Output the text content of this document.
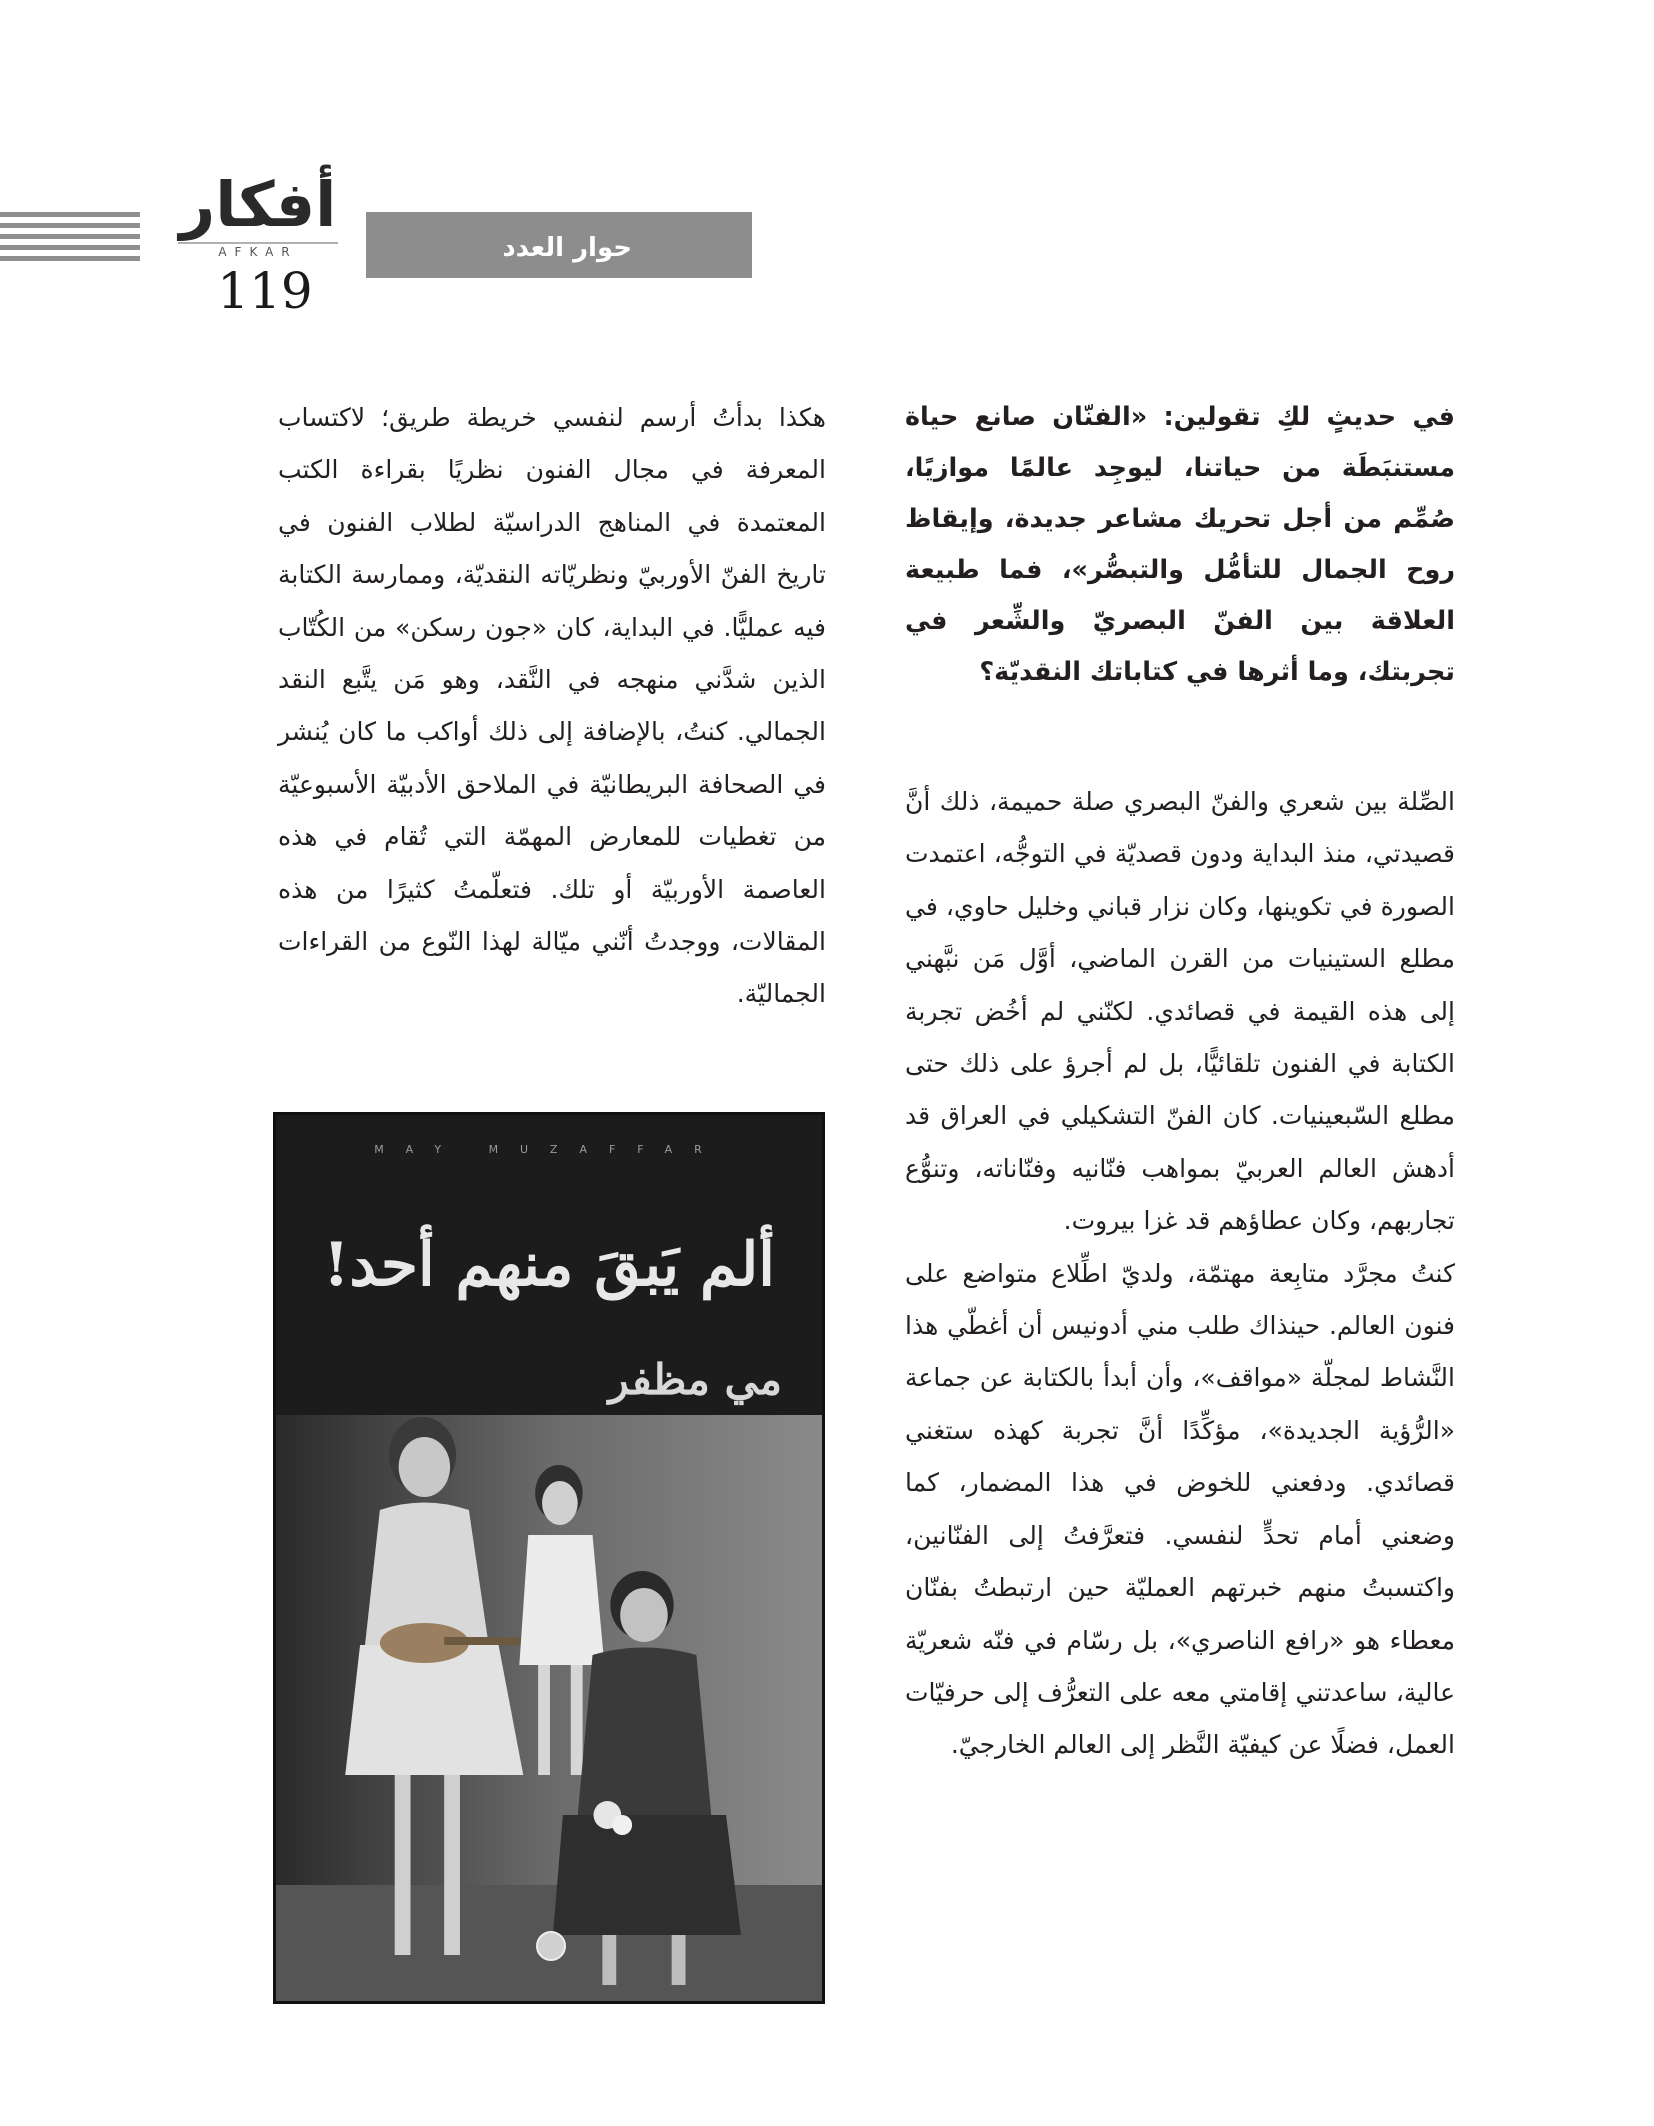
أفكار
AFKAR
119
حوار العدد

في حديثٍ لكِ تقولين: «الفنّان صانع حياة مستنبَطَة من حياتنا، ليوجِد عالمًا موازيًا، صُمِّم من أجل تحريك مشاعر جديدة، وإيقاظ روح الجمال للتأمُّل والتبصُّر»، فما طبيعة العلاقة بين الفنّ البصريّ والشِّعر في تجربتك، وما أثرها في كتاباتك النقديّة؟

الصِّلة بين شعري والفنّ البصري صلة حميمة، ذلك أنَّ قصيدتي، منذ البداية ودون قصديّة في التوجُّه، اعتمدت الصورة في تكوينها، وكان نزار قباني وخليل حاوي، في مطلع الستينيات من القرن الماضي، أوَّل مَن نبَّهني إلى هذه القيمة في قصائدي. لكنّني لم أخُض تجربة الكتابة في الفنون تلقائيًّا، بل لم أجرؤ على ذلك حتى مطلع السّبعينيات. كان الفنّ التشكيلي في العراق قد أدهش العالم العربيّ بمواهب فنّانيه وفنّاناته، وتنوُّع تجاربهم، وكان عطاؤهم قد غزا بيروت.

كنتُ مجرَّد متابِعة مهتمّة، ولديّ اطِّلاع متواضع على فنون العالم. حينذاك طلب مني أدونيس أن أغطّي هذا النَّشاط لمجلّة «مواقف»، وأن أبدأ بالكتابة عن جماعة «الرُّؤية الجديدة»، مؤكِّدًا أنَّ تجربة كهذه ستغني قصائدي. ودفعني للخوض في هذا المضمار، كما وضعني أمام تحدٍّ لنفسي. فتعرَّفتُ إلى الفنّانين، واكتسبتُ منهم خبرتهم العمليّة حين ارتبطتُ بفنّان معطاء هو «رافع الناصري»، بل رسّام في فنّه شعريّة عالية، ساعدتني إقامتي معه على التعرُّف إلى حرفيّات العمل، فضلًا عن كيفيّة النَّظر إلى العالم الخارجيّ.

هكذا بدأتُ أرسم لنفسي خريطة طريق؛ لاكتساب المعرفة في مجال الفنون نظريًا بقراءة الكتب المعتمدة في المناهج الدراسيّة لطلاب الفنون في تاريخ الفنّ الأوربيّ ونظريّاته النقديّة، وممارسة الكتابة فيه عمليًّا. في البداية، كان «جون رسكن» من الكُتّاب الذين شدَّني منهجه في النَّقد، وهو مَن يتَّبع النقد الجمالي. كنتُ، بالإضافة إلى ذلك أواكب ما كان يُنشر في الصحافة البريطانيّة في الملاحق الأدبيّة الأسبوعيّة من تغطيات للمعارض المهمّة التي تُقام في هذه العاصمة الأوربيّة أو تلك. فتعلّمتُ كثيرًا من هذه المقالات، ووجدتُ أنّني ميّالة لهذا النّوع من القراءات الجماليّة.

MAY MUZAFFAR
ألم يَبقَ منهم أحد!
مي مظفر
